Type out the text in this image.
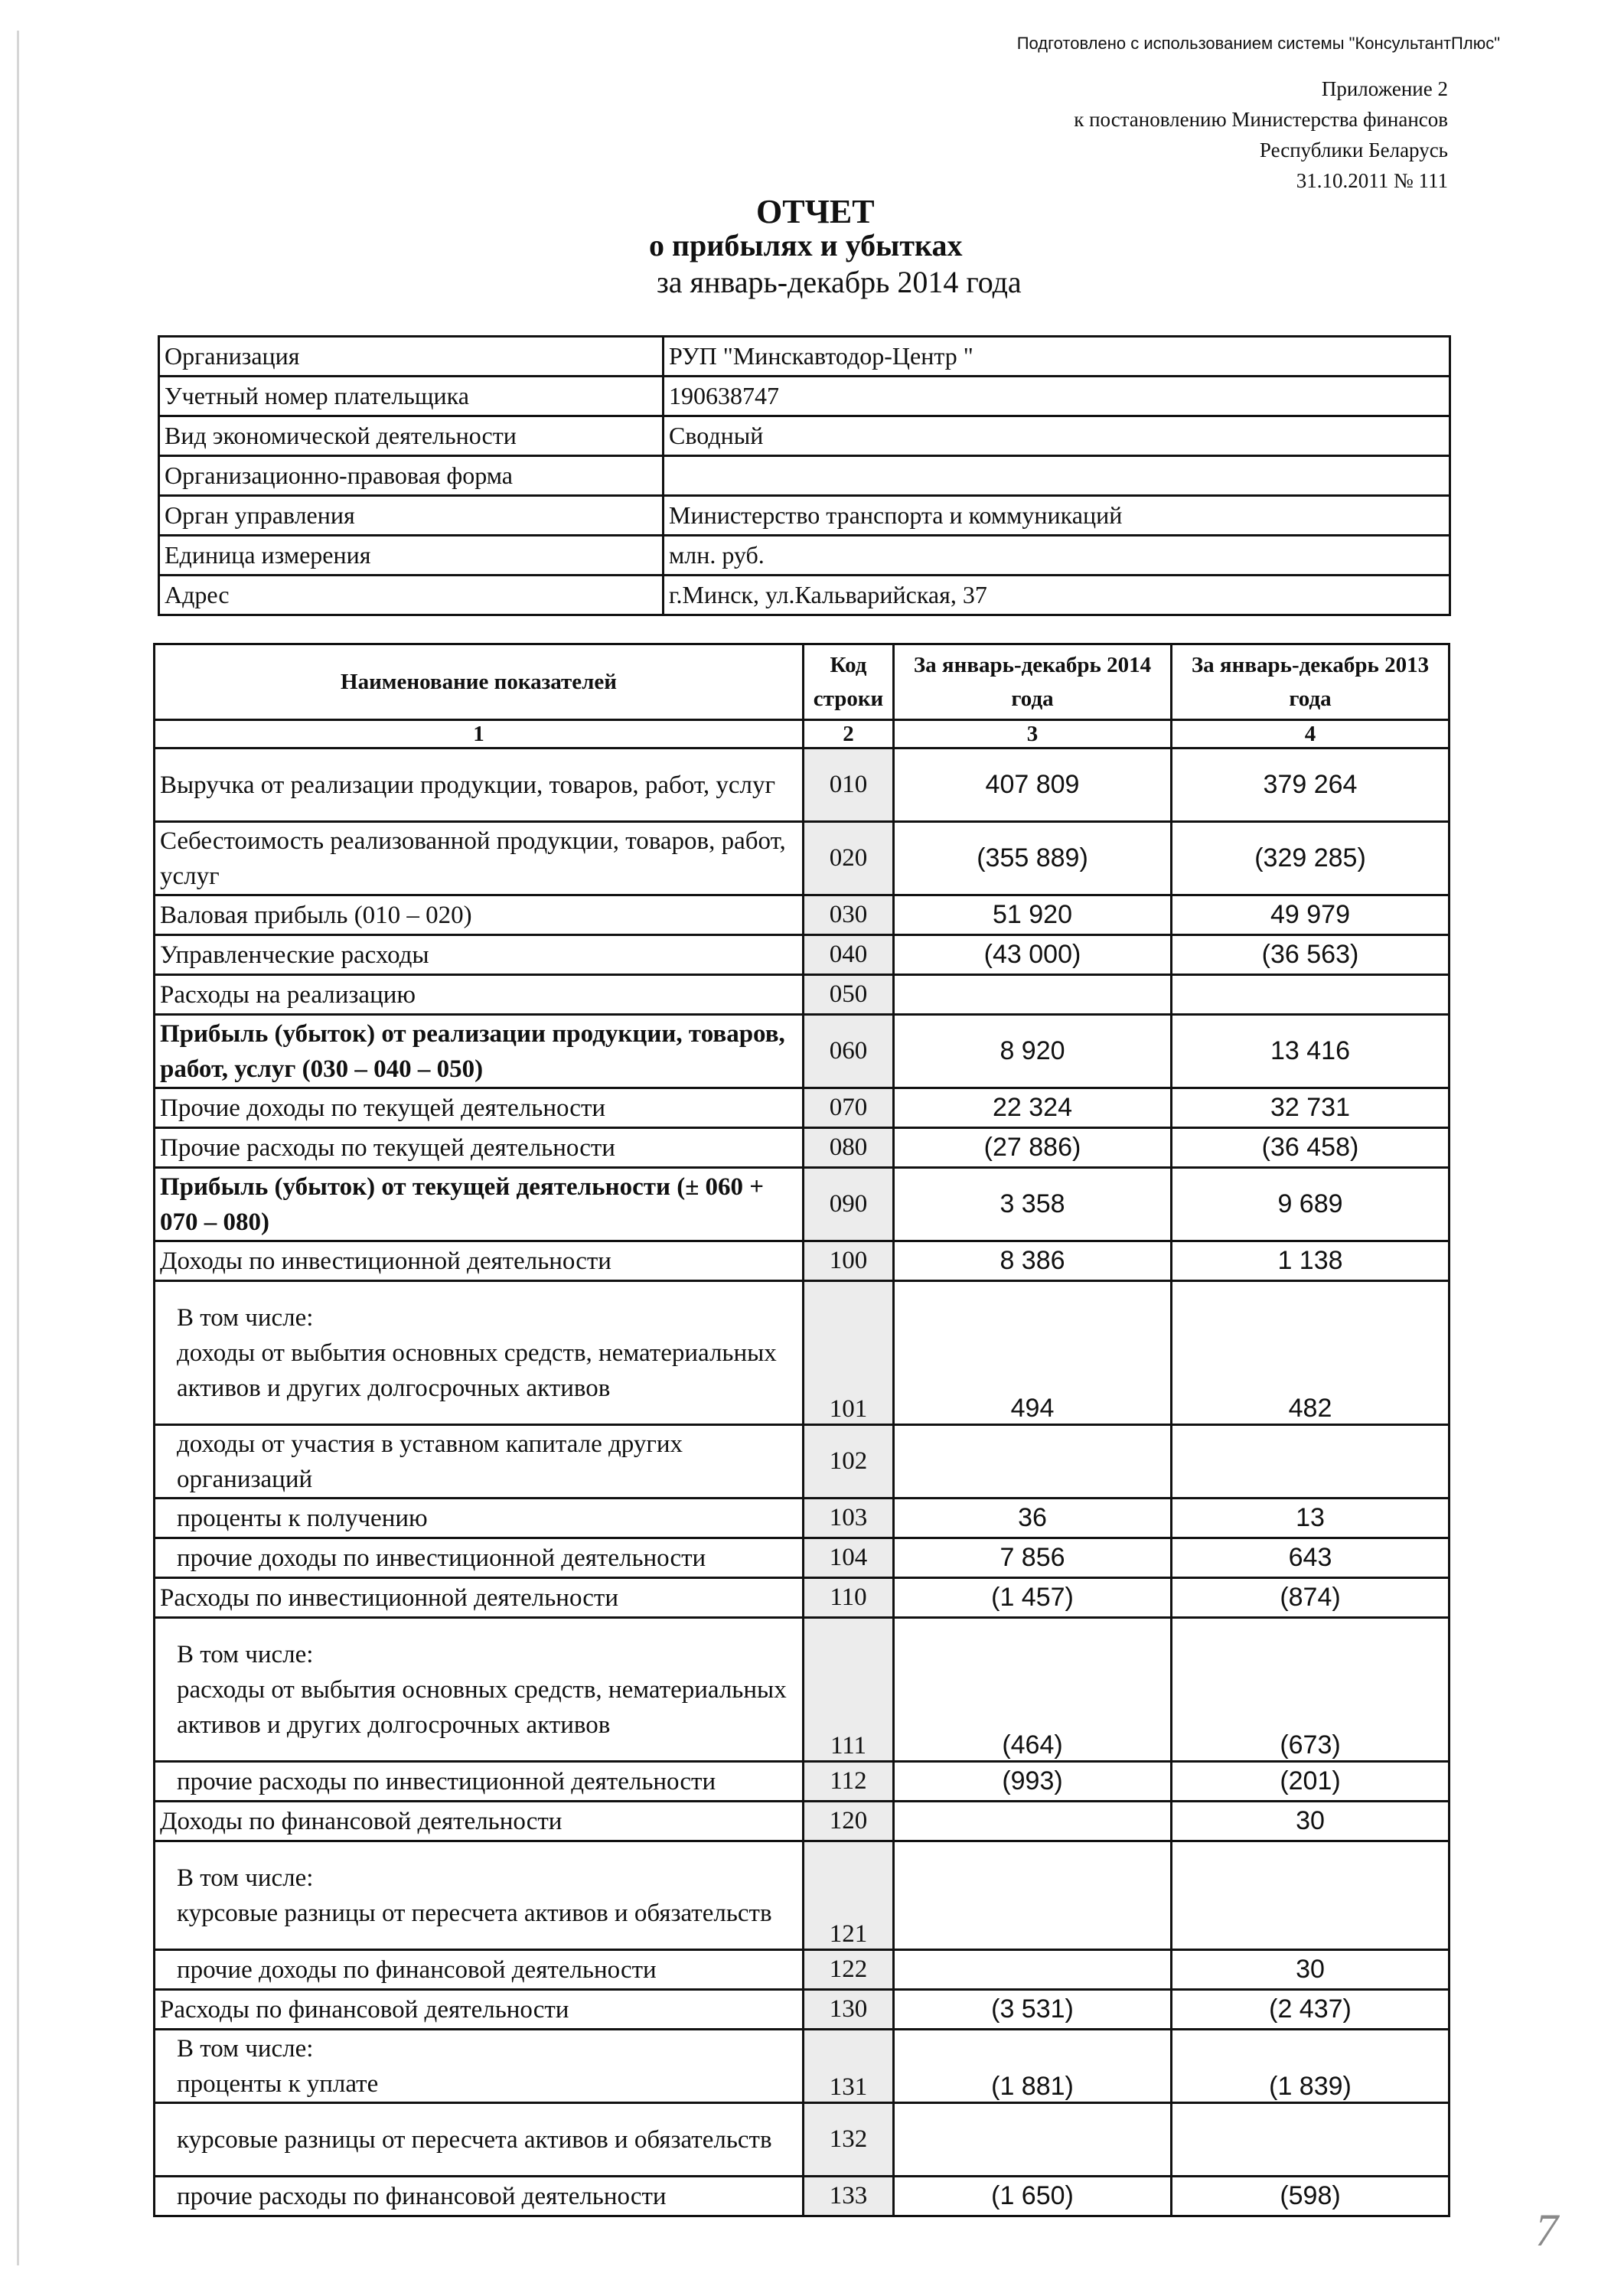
Подготовлено с использованием системы "КонсультантПлюс"
Приложение 2
к постановлению Министерства финансов
Республики Беларусь
31.10.2011 № 111
ОТЧЕТ
о прибылях и убытках
за январь-декабрь 2014 года
Организация	РУП "Минскавтодор-Центр "
Учетный номер плательщика	190638747
Вид экономической деятельности	Сводный
Организационно-правовая форма	
Орган управления	Министерство транспорта и коммуникаций
Единица измерения	млн. руб.
Адрес	г.Минск, ул.Кальварийская, 37
Наименование показателей	Код строки	За январь-декабрь 2014 года	За январь-декабрь 2013 года
1	2	3	4
Выручка от реализации продукции, товаров, работ, услуг	010	407 809	379 264
Себестоимость реализованной продукции, товаров, работ, услуг	020	(355 889)	(329 285)
Валовая прибыль (010 – 020)	030	51 920	49 979
Управленческие расходы	040	(43 000)	(36 563)
Расходы на реализацию	050		
Прибыль (убыток) от реализации продукции, товаров, работ, услуг (030 – 040 – 050)	060	8 920	13 416
Прочие доходы по текущей деятельности	070	22 324	32 731
Прочие расходы по текущей деятельности	080	(27 886)	(36 458)
Прибыль (убыток) от текущей деятельности (± 060 + 070 – 080)	090	3 358	9 689
Доходы по инвестиционной деятельности	100	8 386	1 138
В том числе:
доходы от выбытия основных средств, нематериальных активов и других долгосрочных активов	101	494	482
доходы от участия в уставном капитале других организаций	102		
проценты к получению	103	36	13
прочие доходы по инвестиционной деятельности	104	7 856	643
Расходы по инвестиционной деятельности	110	(1 457)	(874)
В том числе:
расходы от выбытия основных средств, нематериальных активов и других долгосрочных активов	111	(464)	(673)
прочие расходы по инвестиционной деятельности	112	(993)	(201)
Доходы по финансовой деятельности	120		30
В том числе:
курсовые разницы от пересчета активов и обязательств	121		
прочие доходы по финансовой деятельности	122		30
Расходы по финансовой деятельности	130	(3 531)	(2 437)
В том числе:
проценты к уплате	131	(1 881)	(1 839)
курсовые разницы от пересчета активов и обязательств	132		
прочие расходы по финансовой деятельности	133	(1 650)	(598)
7
